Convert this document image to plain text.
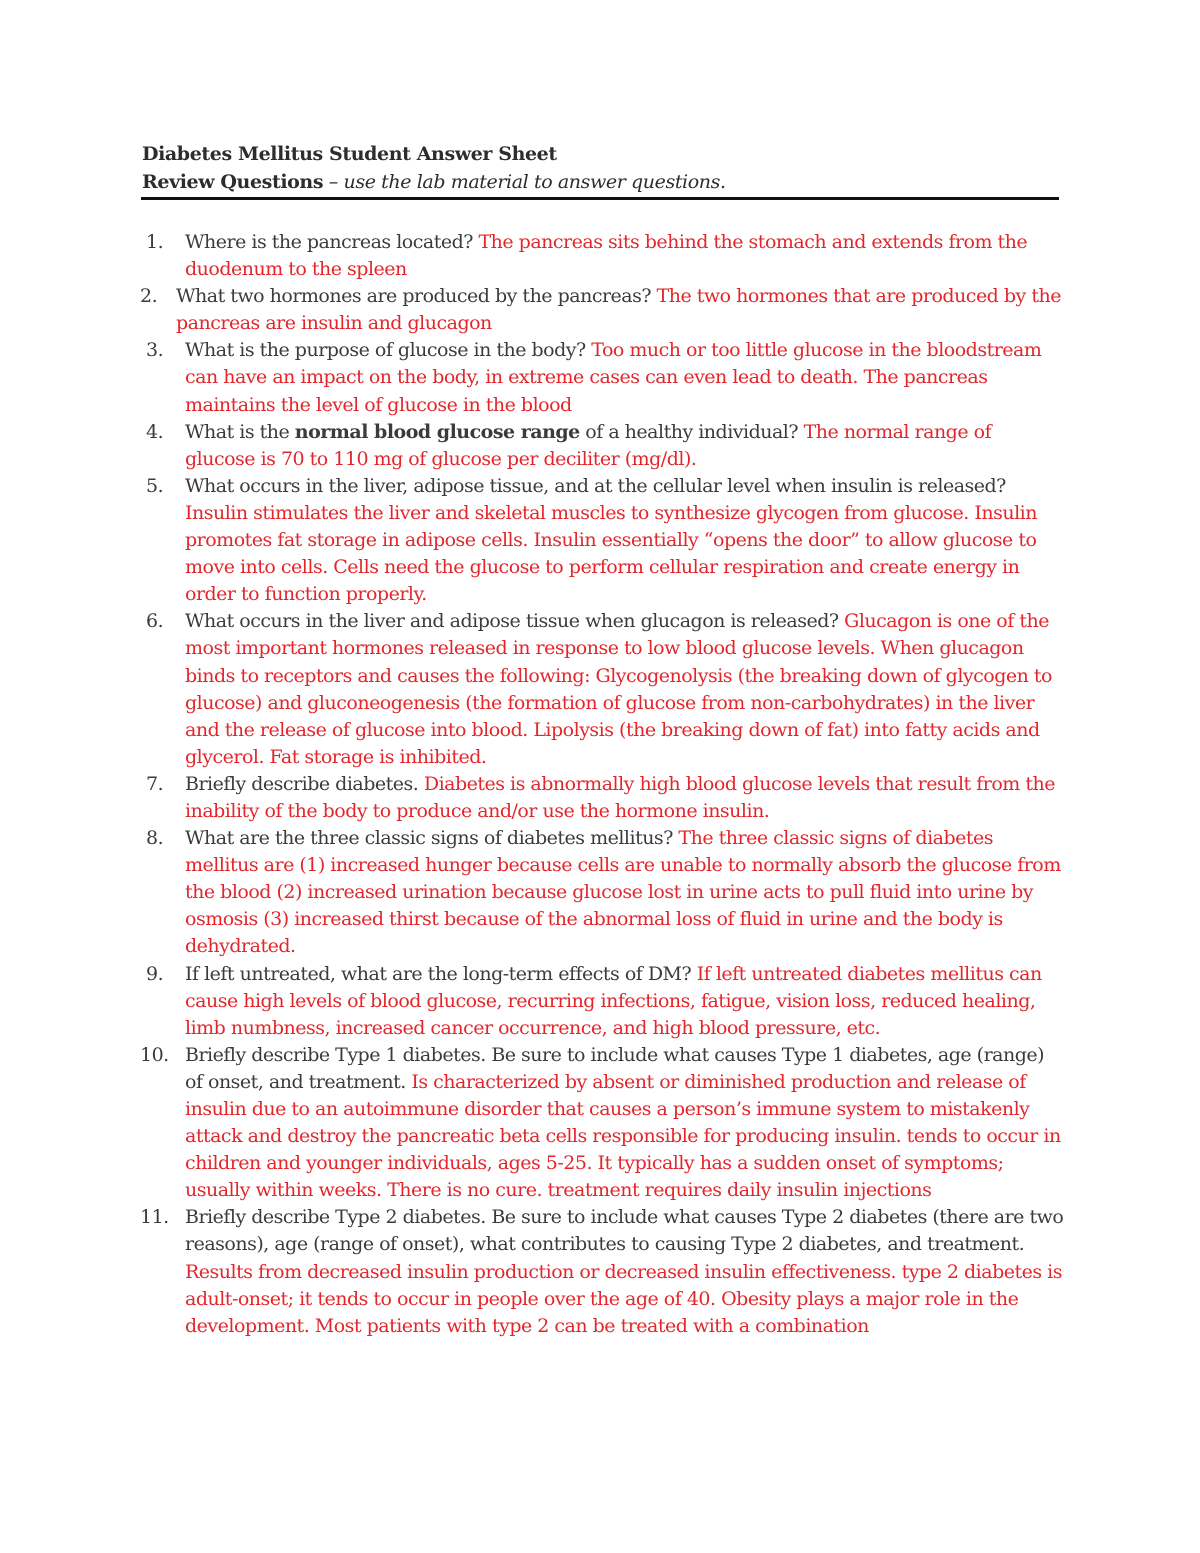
Diabetes Mellitus Student Answer Sheet
Review Questions – use the lab material to answer questions.
1.	Where is the pancreas located? The pancreas sits behind the stomach and extends from the duodenum to the spleen
2. What two hormones are produced by the pancreas? The two hormones that are produced by the pancreas are insulin and glucagon
3.	What is the purpose of glucose in the body? Too much or too little glucose in the bloodstream can have an impact on the body, in extreme cases can even lead to death. The pancreas maintains the level of glucose in the blood
4.	What is the normal blood glucose range of a healthy individual? The normal range of glucose is 70 to 110 mg of glucose per deciliter (mg/dl).
5.	What occurs in the liver, adipose tissue, and at the cellular level when insulin is released? Insulin stimulates the liver and skeletal muscles to synthesize glycogen from glucose. Insulin promotes fat storage in adipose cells. Insulin essentially “opens the door” to allow glucose to move into cells. Cells need the glucose to perform cellular respiration and create energy in order to function properly.
6.	What occurs in the liver and adipose tissue when glucagon is released? Glucagon is one of the most important hormones released in response to low blood glucose levels. When glucagon binds to receptors and causes the following: Glycogenolysis (the breaking down of glycogen to glucose) and gluconeogenesis (the formation of glucose from non-carbohydrates) in the liver and the release of glucose into blood. Lipolysis (the breaking down of fat) into fatty acids and glycerol. Fat storage is inhibited.
7.	Briefly describe diabetes. Diabetes is abnormally high blood glucose levels that result from the inability of the body to produce and/or use the hormone insulin.
8.	What are the three classic signs of diabetes mellitus? The three classic signs of diabetes mellitus are (1) increased hunger because cells are unable to normally absorb the glucose from the blood (2) increased urination because glucose lost in urine acts to pull fluid into urine by osmosis (3) increased thirst because of the abnormal loss of fluid in urine and the body is dehydrated.
9.	If left untreated, what are the long-term effects of DM? If left untreated diabetes mellitus can cause high levels of blood glucose, recurring infections, fatigue, vision loss, reduced healing, limb numbness, increased cancer occurrence, and high blood pressure, etc.
10. Briefly describe Type 1 diabetes. Be sure to include what causes Type 1 diabetes, age (range) of onset, and treatment. Is characterized by absent or diminished production and release of insulin due to an autoimmune disorder that causes a person’s immune system to mistakenly attack and destroy the pancreatic beta cells responsible for producing insulin. tends to occur in children and younger individuals, ages 5-25. It typically has a sudden onset of symptoms; usually within weeks. There is no cure. treatment requires daily insulin injections
11. Briefly describe Type 2 diabetes. Be sure to include what causes Type 2 diabetes (there are two reasons), age (range of onset), what contributes to causing Type 2 diabetes, and treatment. Results from decreased insulin production or decreased insulin effectiveness. type 2 diabetes is adult-onset; it tends to occur in people over the age of 40. Obesity plays a major role in the development. Most patients with type 2 can be treated with a combination
